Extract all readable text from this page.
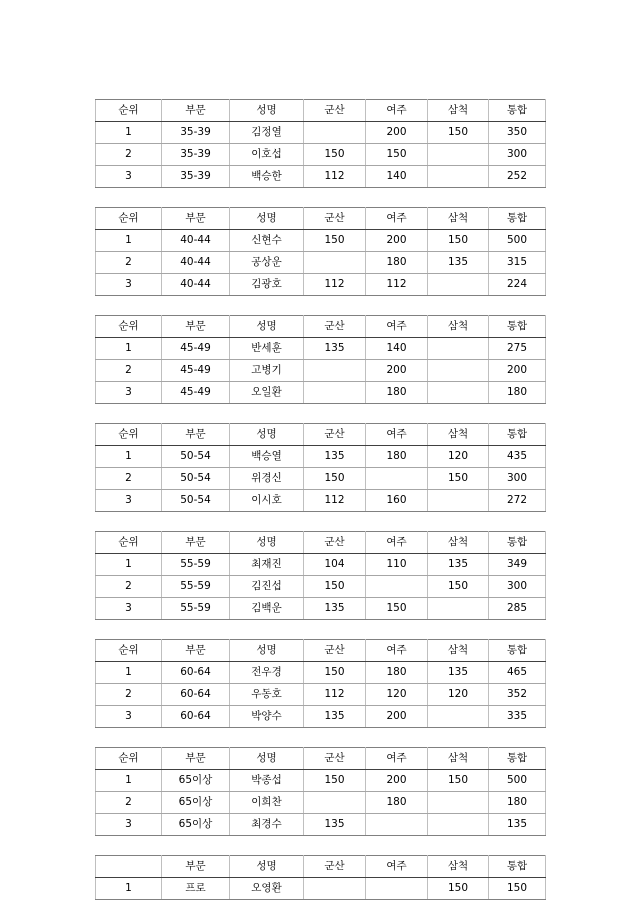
순위	부문	성명	군산	여주	삼척	통합
1	35-39	김정열		200	150	350
2	35-39	이호섭	150	150		300
3	35-39	백승한	112	140		252
순위	부문	성명	군산	여주	삼척	통합
1	40-44	신현수	150	200	150	500
2	40-44	공상운		180	135	315
3	40-44	김광호	112	112		224
순위	부문	성명	군산	여주	삼척	통합
1	45-49	반세훈	135	140		275
2	45-49	고병기		200		200
3	45-49	오일환		180		180
순위	부문	성명	군산	여주	삼척	통합
1	50-54	백승열	135	180	120	435
2	50-54	위경신	150		150	300
3	50-54	이시호	112	160		272
순위	부문	성명	군산	여주	삼척	통합
1	55-59	최재진	104	110	135	349
2	55-59	김진섭	150		150	300
3	55-59	김백운	135	150		285
순위	부문	성명	군산	여주	삼척	통합
1	60-64	전우경	150	180	135	465
2	60-64	우동호	112	120	120	352
3	60-64	박양수	135	200		335
순위	부문	성명	군산	여주	삼척	통합
1	65이상	박종섭	150	200	150	500
2	65이상	이희찬		180		180
3	65이상	최경수	135			135
	부문	성명	군산	여주	삼척	통합
1	프로	오영환			150	150
